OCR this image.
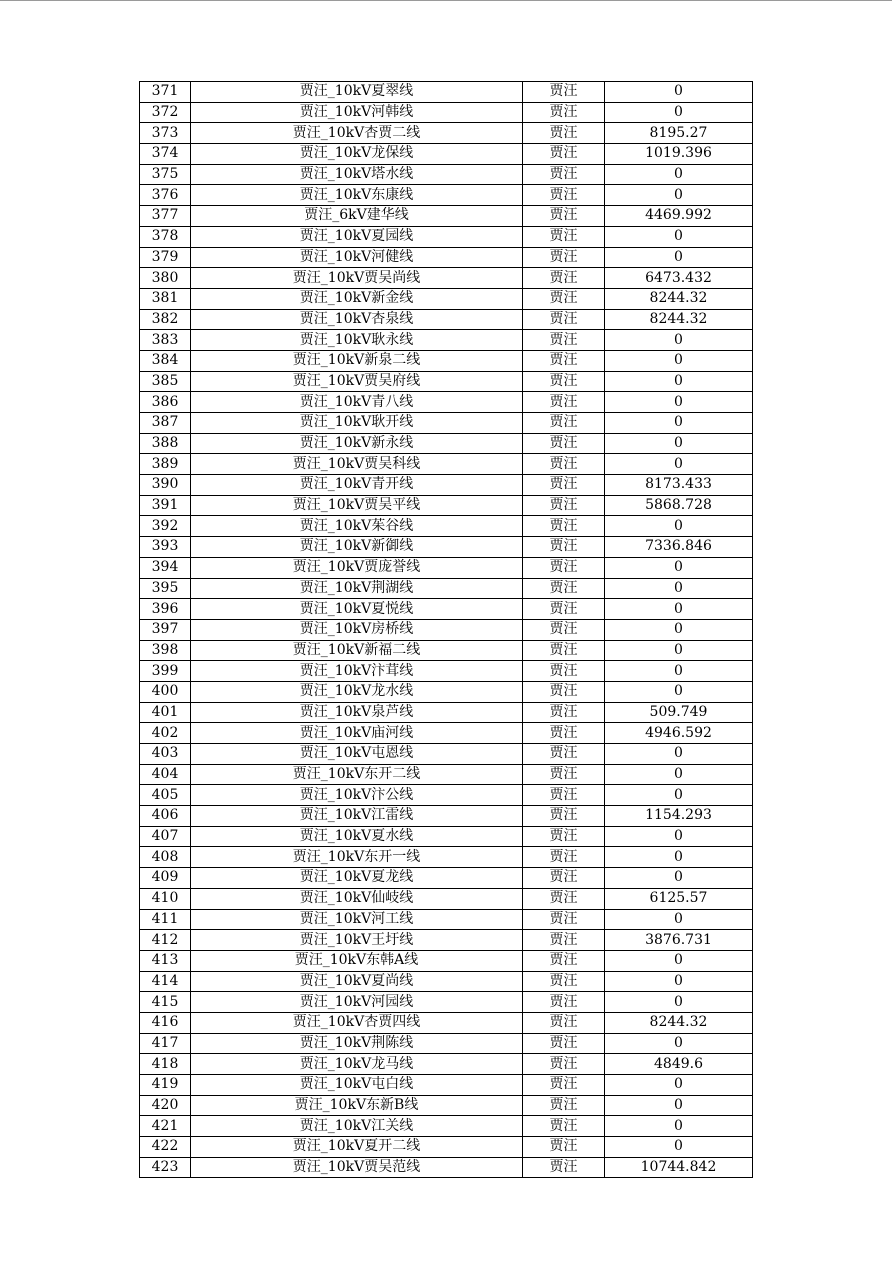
371	贾汪_10kV夏翠线	贾汪	0
372	贾汪_10kV河韩线	贾汪	0
373	贾汪_10kV杏贾二线	贾汪	8195.27
374	贾汪_10kV龙保线	贾汪	1019.396
375	贾汪_10kV塔水线	贾汪	0
376	贾汪_10kV东康线	贾汪	0
377	贾汪_6kV建华线	贾汪	4469.992
378	贾汪_10kV夏园线	贾汪	0
379	贾汪_10kV河健线	贾汪	0
380	贾汪_10kV贾吴尚线	贾汪	6473.432
381	贾汪_10kV新金线	贾汪	8244.32
382	贾汪_10kV杏泉线	贾汪	8244.32
383	贾汪_10kV耿永线	贾汪	0
384	贾汪_10kV新泉二线	贾汪	0
385	贾汪_10kV贾吴府线	贾汪	0
386	贾汪_10kV青八线	贾汪	0
387	贾汪_10kV耿开线	贾汪	0
388	贾汪_10kV新永线	贾汪	0
389	贾汪_10kV贾吴科线	贾汪	0
390	贾汪_10kV青开线	贾汪	8173.433
391	贾汪_10kV贾吴平线	贾汪	5868.728
392	贾汪_10kV茱谷线	贾汪	0
393	贾汪_10kV新御线	贾汪	7336.846
394	贾汪_10kV贾庞誉线	贾汪	0
395	贾汪_10kV荆湖线	贾汪	0
396	贾汪_10kV夏悦线	贾汪	0
397	贾汪_10kV房桥线	贾汪	0
398	贾汪_10kV新福二线	贾汪	0
399	贾汪_10kV汴茸线	贾汪	0
400	贾汪_10kV龙水线	贾汪	0
401	贾汪_10kV泉芦线	贾汪	509.749
402	贾汪_10kV庙河线	贾汪	4946.592
403	贾汪_10kV屯恩线	贾汪	0
404	贾汪_10kV东开二线	贾汪	0
405	贾汪_10kV汴公线	贾汪	0
406	贾汪_10kV江雷线	贾汪	1154.293
407	贾汪_10kV夏水线	贾汪	0
408	贾汪_10kV东开一线	贾汪	0
409	贾汪_10kV夏龙线	贾汪	0
410	贾汪_10kV仙岐线	贾汪	6125.57
411	贾汪_10kV河工线	贾汪	0
412	贾汪_10kV王圩线	贾汪	3876.731
413	贾汪_10kV东韩A线	贾汪	0
414	贾汪_10kV夏尚线	贾汪	0
415	贾汪_10kV河园线	贾汪	0
416	贾汪_10kV杏贾四线	贾汪	8244.32
417	贾汪_10kV荆陈线	贾汪	0
418	贾汪_10kV龙马线	贾汪	4849.6
419	贾汪_10kV屯白线	贾汪	0
420	贾汪_10kV东新B线	贾汪	0
421	贾汪_10kV江关线	贾汪	0
422	贾汪_10kV夏开二线	贾汪	0
423	贾汪_10kV贾吴范线	贾汪	10744.842
